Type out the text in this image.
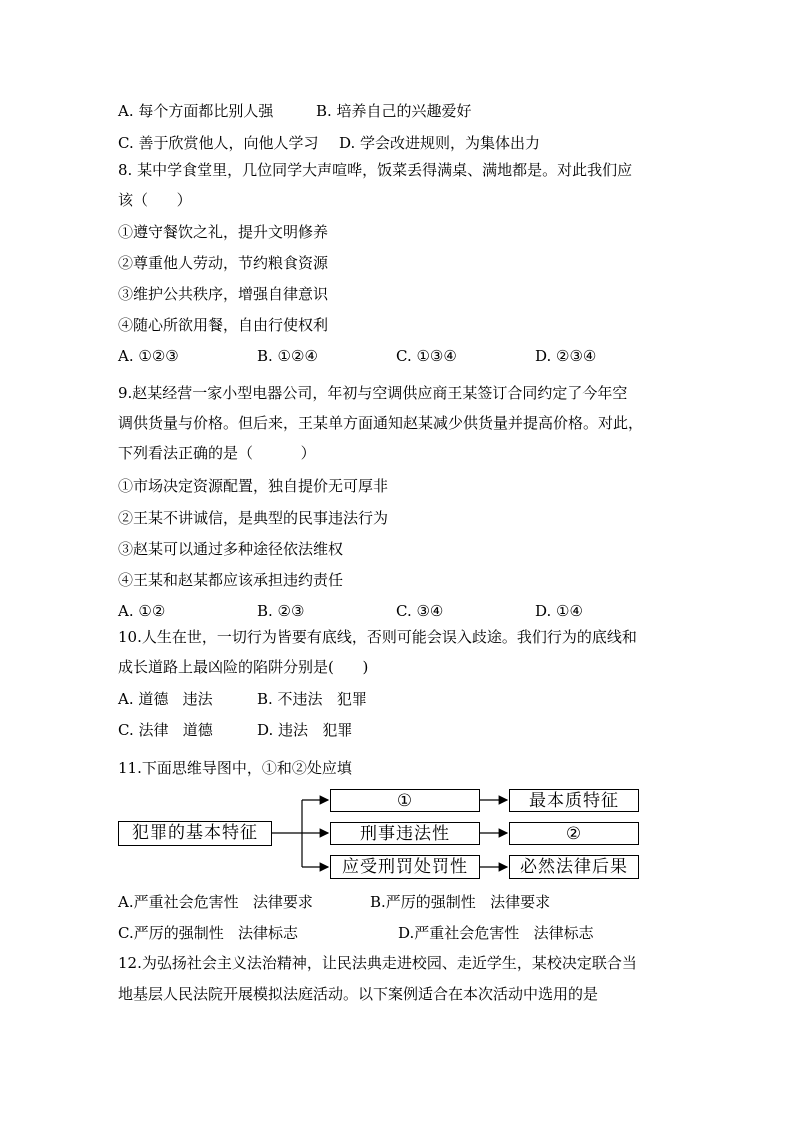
A. 每个方面都比别人强	B. 培养自己的兴趣爱好
C. 善于欣赏他人，向他人学习 D. 学会改进规则，为集体出力
8. 某中学食堂里，几位同学大声喧哗，饭菜丢得满桌、满地都是。对此我们应
该（      ）
①遵守餐饮之礼，提升文明修养
②尊重他人劳动，节约粮食资源
③维护公共秩序，增强自律意识
④随心所欲用餐，自由行使权利
A. ①②③	B. ①②④	C. ①③④	D. ②③④
9.赵某经营一家小型电器公司，年初与空调供应商王某签订合同约定了今年空
调供货量与价格。但后来，王某单方面通知赵某减少供货量并提高价格。对此，
下列看法正确的是（          ）
①市场决定资源配置，独自提价无可厚非
②王某不讲诚信，是典型的民事违法行为
③赵某可以通过多种途径依法维权
④王某和赵某都应该承担违约责任
A. ①②	B. ②③	C. ③④	D. ①④
10.人生在世，一切行为皆要有底线，否则可能会误入歧途。我们行为的底线和
成长道路上最凶险的陷阱分别是(      )
A. 道德   违法	B. 不违法   犯罪
C. 法律   道德	D. 违法   犯罪
11.下面思维导图中，①和②处应填
犯罪的基本特征
①
刑事违法性
应受刑罚处罚性
最本质特征
②
必然法律后果
A.严重社会危害性   法律要求	B.严厉的强制性   法律要求
C.严厉的强制性   法律标志	D.严重社会危害性   法律标志
12.为弘扬社会主义法治精神，让民法典走进校园、走近学生，某校决定联合当
地基层人民法院开展模拟法庭活动。以下案例适合在本次活动中选用的是
